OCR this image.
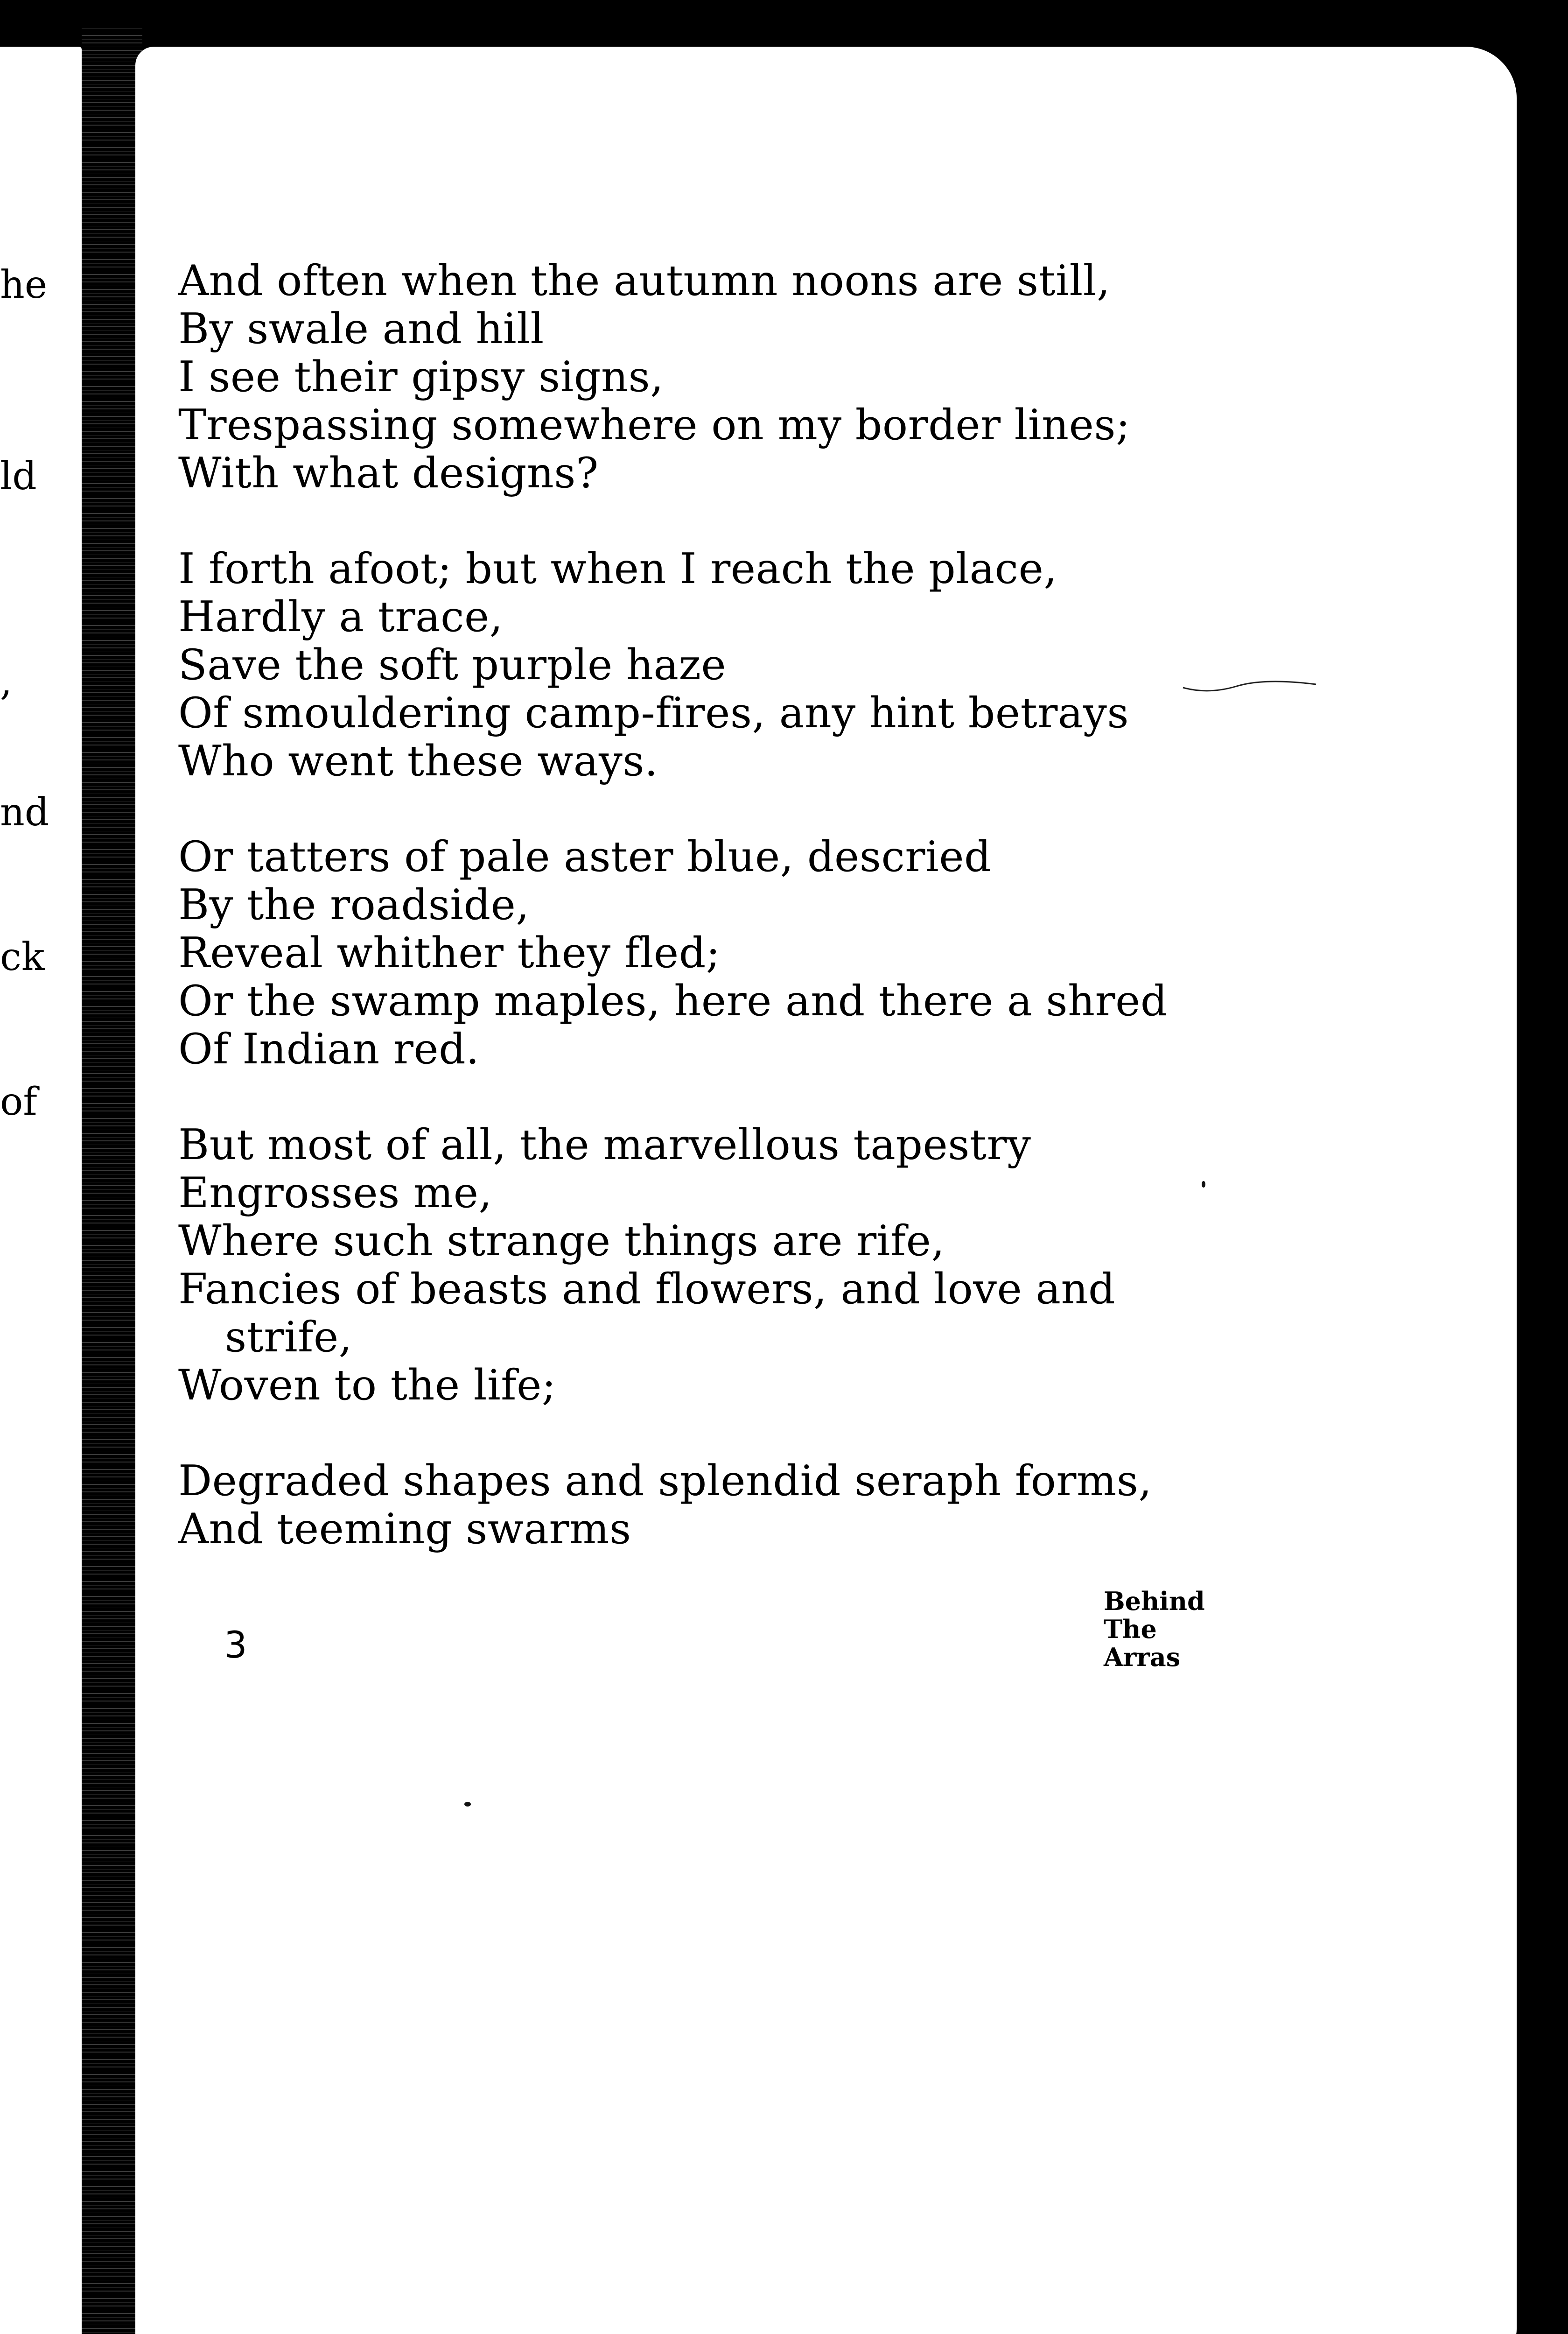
he
ld
,
nd
ck
of
And often when the autumn noons are still,
By swale and hill
I see their gipsy signs,
Trespassing somewhere on my border lines;
With what designs?
I forth afoot; but when I reach the place,
Hardly a trace,
Save the soft purple haze
Of smouldering camp-fires, any hint betrays
Who went these ways.
Or tatters of pale aster blue, descried
By the roadside,
Reveal whither they fled;
Or the swamp maples, here and there a shred
Of Indian red.
But most of all, the marvellous tapestry
Engrosses me,
Where such strange things are rife,
Fancies of beasts and flowers, and love and
strife,
Woven to the life;
Degraded shapes and splendid seraph forms,
And teeming swarms
3
Behind
The
Arras
